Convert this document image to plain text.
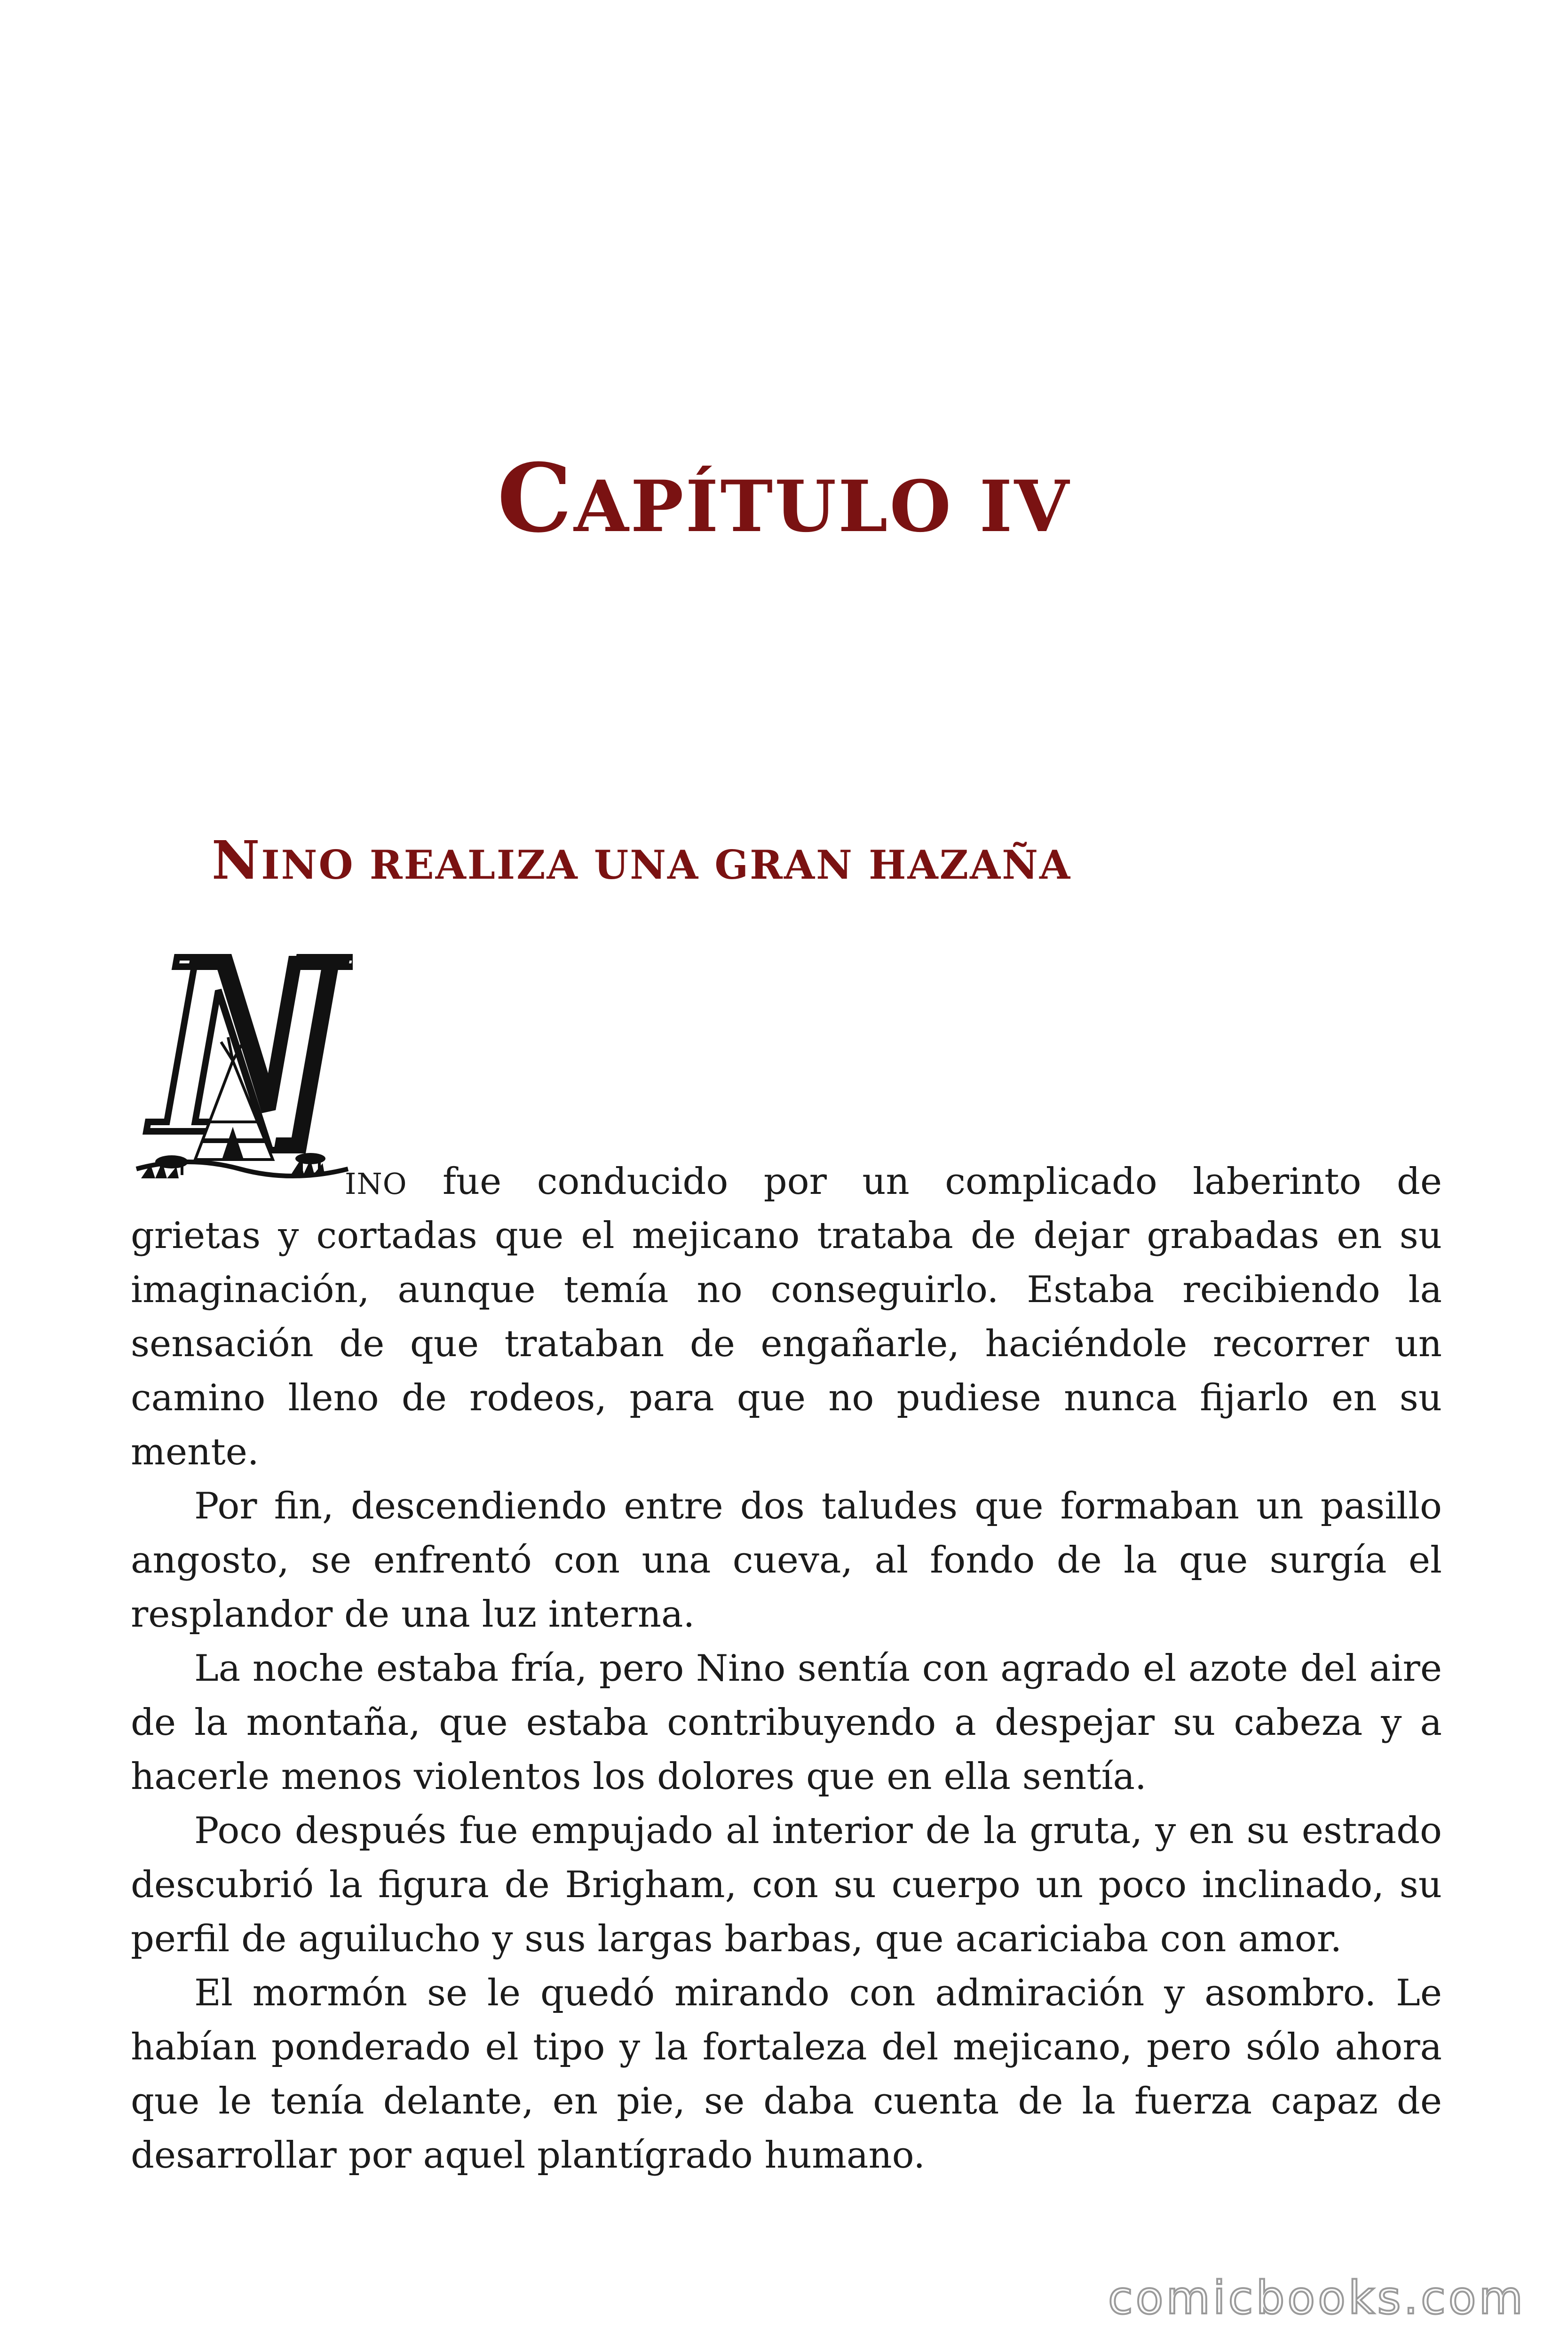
CAPÍTULO IV
NINO REALIZA UNA GRAN HAZAÑA

INO fue conducido por un complicado laberinto de
grietas y cortadas que el mejicano trataba de dejar grabadas en su imaginación, aunque temía no conseguirlo. Estaba recibiendo la sensación de que trataban de engañarle, haciéndole recorrer un camino lleno de rodeos, para que no pudiese nunca fijarlo en su mente.

Por fin, descendiendo entre dos taludes que formaban un pasillo angosto, se enfrentó con una cueva, al fondo de la que surgía el resplandor de una luz interna.

La noche estaba fría, pero Nino sentía con agrado el azote del aire de la montaña, que estaba contribuyendo a despejar su cabeza y a hacerle menos violentos los dolores que en ella sentía.

Poco después fue empujado al interior de la gruta, y en su estrado descubrió la figura de Brigham, con su cuerpo un poco inclinado, su perfil de aguilucho y sus largas barbas, que acariciaba con amor.

El mormón se le quedó mirando con admiración y asombro. Le habían ponderado el tipo y la fortaleza del mejicano, pero sólo ahora que le tenía delante, en pie, se daba cuenta de la fuerza capaz de desarrollar por aquel plantígrado humano.

comicbooks.com
